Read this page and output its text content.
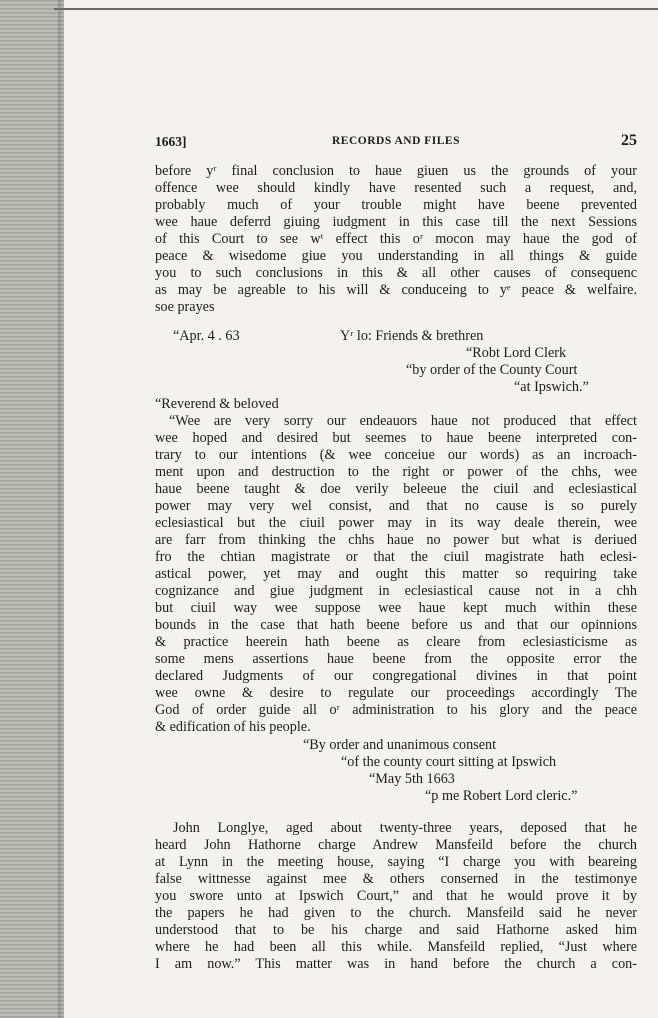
1663]	RECORDS AND FILES	25
before yʳ final conclusion to haue giuen us the grounds of your
offence wee should kindly have resented such a request, and,
probably much of your trouble might have beene prevented
wee haue deferrd giuing iudgment in this case till the next Sessions
of this Court to see wᵗ effect this oʳ mocon may haue the god of
peace & wisedome giue you understanding in all things & guide
you to such conclusions in this & all other causes of consequenc
as may be agreable to his will & conduceing to yᵉ peace & welfaire.
soe prayes
“Apr. 4 . 63	Yʳ lo: Friends & brethren
“Robt Lord Clerk
“by order of the County Court
“at Ipswich.”
“Reverend & beloved
“Wee are very sorry our endeauors haue not produced that effect
wee hoped and desired but seemes to haue beene interpreted con-
trary to our intentions (& wee conceiue our words) as an incroach-
ment upon and destruction to the right or power of the chhs, wee
haue beene taught & doe verily beleeue the ciuil and eclesiastical
power may very wel consist, and that no cause is so purely
eclesiastical but the ciuil power may in its way deale therein, wee
are farr from thinking the chhs haue no power but what is deriued
fro the chtian magistrate or that the ciuil magistrate hath eclesi-
astical power, yet may and ought this matter so requiring take
cognizance and giue judgment in eclesiastical cause not in a chh
but ciuil way wee suppose wee haue kept much within these
bounds in the case that hath beene before us and that our opinnions
& practice heerein hath beene as cleare from eclesiasticisme as
some mens assertions haue beene from the opposite error the
declared Judgments of our congregational divines in that point
wee owne & desire to regulate our proceedings accordingly The
God of order guide all oʳ administration to his glory and the peace
& edification of his people.
“By order and unanimous consent
“of the county court sitting at Ipswich
“May 5th 1663
“p me Robert Lord cleric.”
John Longlye, aged about twenty-three years, deposed that he
heard John Hathorne charge Andrew Mansfeild before the church
at Lynn in the meeting house, saying “I charge you with beareing
false wittnesse against mee & others conserned in the testimonye
you swore unto at Ipswich Court,” and that he would prove it by
the papers he had given to the church. Mansfeild said he never
understood that to be his charge and said Hathorne asked him
where he had been all this while. Mansfeild replied, “Just where
I am now.” This matter was in hand before the church a con-
